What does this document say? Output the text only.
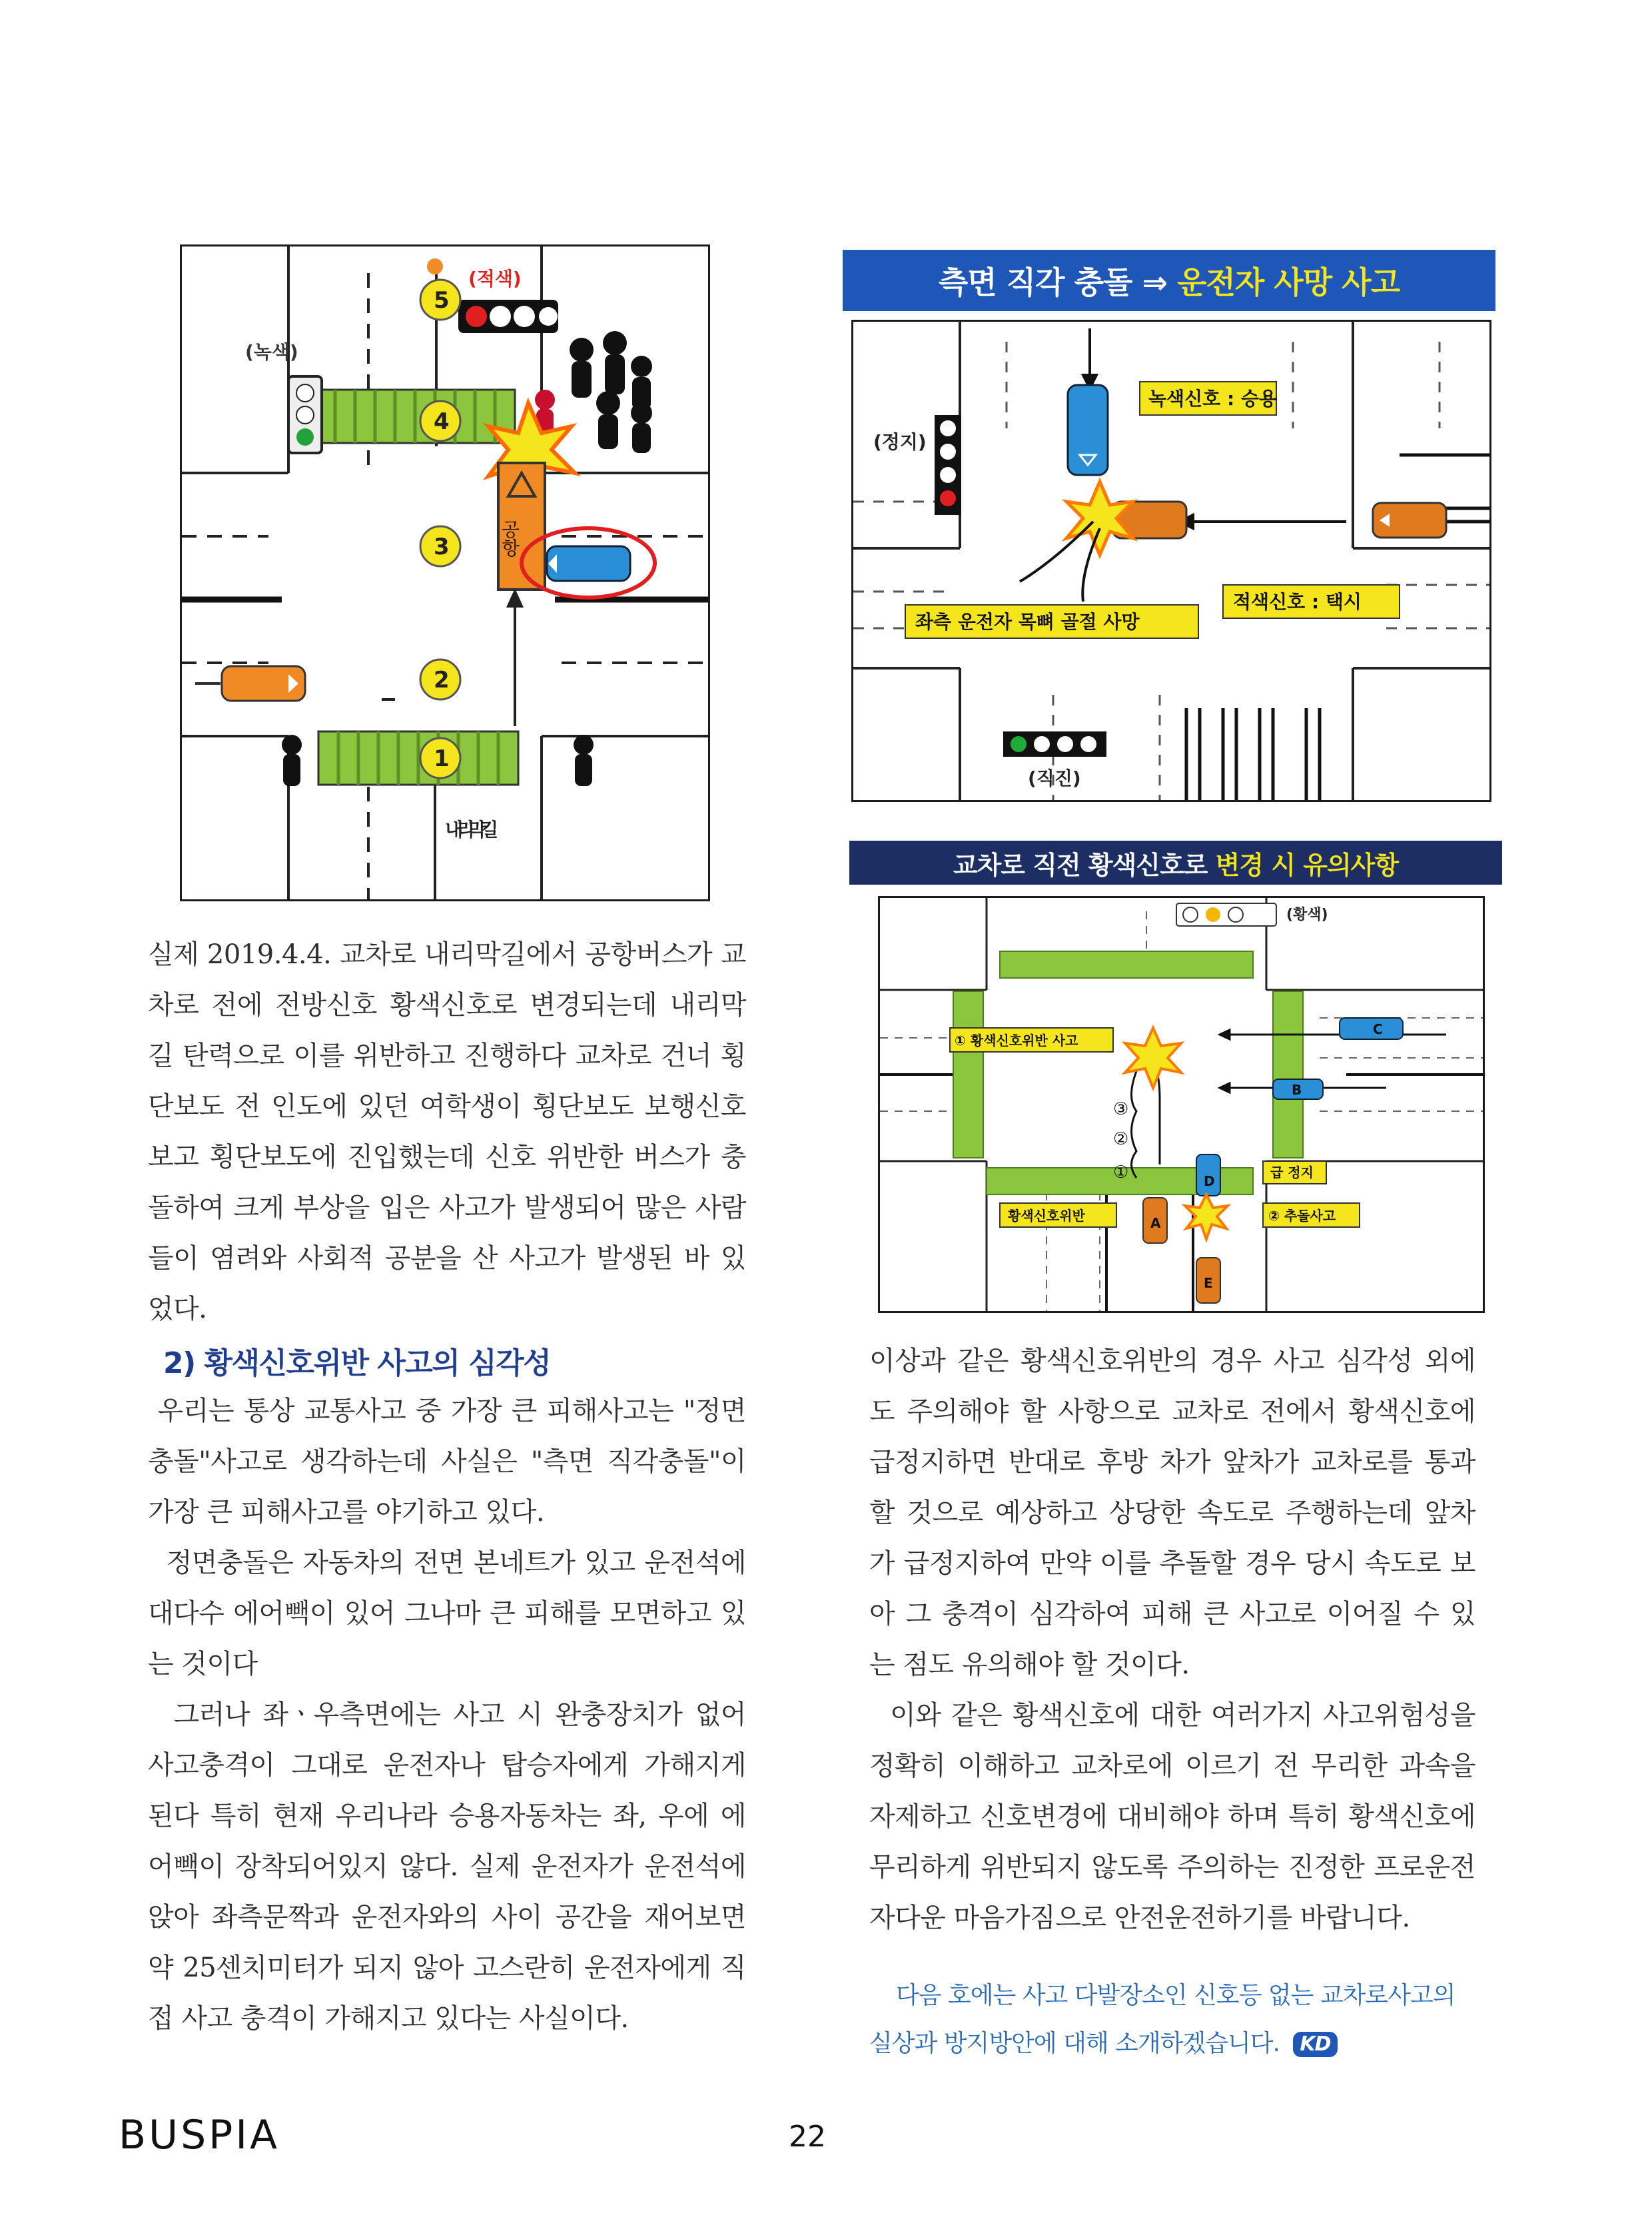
(적색)
(녹색)
공항
5
4
3
2
1
내리막길

실제 2019.4.4. 교차로 내리막길에서 공항버스가 교차로 전에 전방신호 황색신호로 변경되는데 내리막길 탄력으로 이를 위반하고 진행하다 교차로 건너 횡단보도 전 인도에 있던 여학생이 횡단보도 보행신호보고 횡단보도에 진입했는데 신호 위반한 버스가 충돌하여 크게 부상을 입은 사고가 발생되어 많은 사람들이 염려와 사회적 공분을 산 사고가 발생된 바 있었다.

2) 황색신호위반 사고의 심각성

우리는 통상 교통사고 중 가장 큰 피해사고는 "정면충돌"사고로 생각하는데 사실은 "측면 직각충돌"이 가장 큰 피해사고를 야기하고 있다.

정면충돌은 자동차의 전면 본네트가 있고 운전석에 대다수 에어빽이 있어 그나마 큰 피해를 모면하고 있는 것이다

그러나 좌ㆍ우측면에는 사고 시 완충장치가 없어 사고충격이 그대로 운전자나 탑승자에게 가해지게 된다 특히 현재 우리나라 승용자동차는 좌, 우에 에어빽이 장착되어있지 않다. 실제 운전자가 운전석에 앉아 좌측문짝과 운전자와의 사이 공간을 재어보면 약 25센치미터가 되지 않아 고스란히 운전자에게 직접 사고 충격이 가해지고 있다는 사실이다.

측면 직각 충돌 ⇒ 운전자 사망 사고
(정지)
(직진)
녹색신호 : 승용
적색신호 : 택시
좌측 운전자 목뼈 골절 사망
교차로 직전 황색신호로 변경 시 유의사항
(황색)
③
②
①
C
B
D
A
E
① 황색신호위반 사고
급 정지
황색신호위반	② 추돌사고

이상과 같은 황색신호위반의 경우 사고 심각성 외에도 주의해야 할 사항으로 교차로 전에서 황색신호에 급정지하면 반대로 후방 차가 앞차가 교차로를 통과할 것으로 예상하고 상당한 속도로 주행하는데 앞차가 급정지하여 만약 이를 추돌할 경우 당시 속도로 보아 그 충격이 심각하여 피해 큰 사고로 이어질 수 있는 점도 유의해야 할 것이다.

이와 같은 황색신호에 대한 여러가지 사고위험성을 정확히 이해하고 교차로에 이르기 전 무리한 과속을 자제하고 신호변경에 대비해야 하며 특히 황색신호에 무리하게 위반되지 않도록 주의하는 진정한 프로운전자다운 마음가짐으로 안전운전하기를 바랍니다.

다음 호에는 사고 다발장소인 신호등 없는 교차로사고의 실상과 방지방안에 대해 소개하겠습니다. KD
BUSPIA	22
